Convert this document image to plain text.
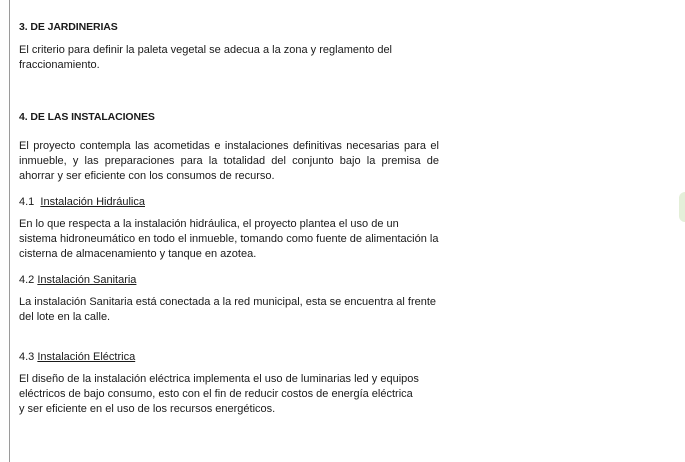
3. DE JARDINERIAS

El criterio para definir la paleta vegetal se adecua a la zona y reglamento del fraccionamiento.

4. DE LAS INSTALACIONES

El proyecto contempla las acometidas e instalaciones definitivas necesarias para el inmueble, y las preparaciones para la totalidad del conjunto bajo la premisa de ahorrar y ser eficiente con los consumos de recurso.

4.1 Instalación Hidráulica

En lo que respecta a la instalación hidráulica, el proyecto plantea el uso de un sistema hidroneumático en todo el inmueble, tomando como fuente de alimentación la cisterna de almacenamiento y tanque en azotea.

4.2 Instalación Sanitaria

La instalación Sanitaria está conectada a la red municipal, esta se encuentra al frente del lote en la calle.

4.3 Instalación Eléctrica

El diseño de la instalación eléctrica implementa el uso de luminarias led y equipos eléctricos de bajo consumo, esto con el fin de reducir costos de energía eléctrica y ser eficiente en el uso de los recursos energéticos.
